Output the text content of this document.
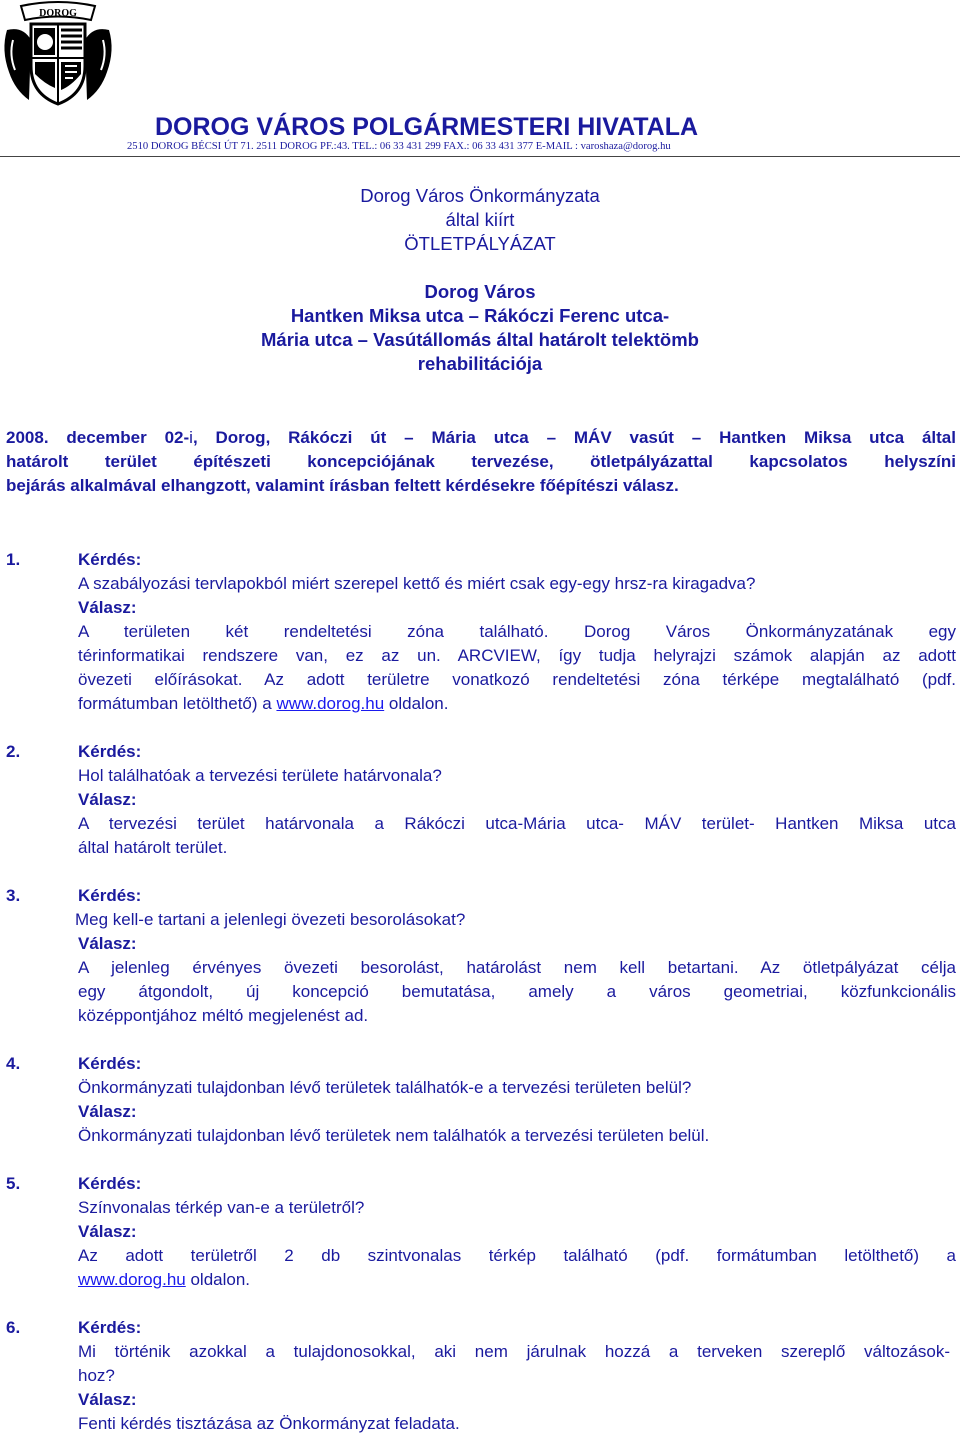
DOROG
DOROG VÁROS POLGÁRMESTERI HIVATALA
2510 DOROG BÉCSI ÚT 71. 2511 DOROG PF.:43. TEL.: 06 33 431 299 FAX.: 06 33 431 377 E-MAIL : varoshaza@dorog.hu
Dorog Város Önkormányzata
által kiírt
ÖTLETPÁLYÁZAT
Dorog Város
Hantken Miksa utca – Rákóczi Ferenc utca-
Mária utca – Vasútállomás által határolt telektömb
rehabilitációja
2008. december 02-i, Dorog, Rákóczi út – Mária utca – MÁV vasút – Hantken Miksa utca által
határolt terület építészeti koncepciójának tervezése, ötletpályázattal kapcsolatos helyszíni
bejárás alkalmával elhangzott, valamint írásban feltett kérdésekre főépítészi válasz.
1.	Kérdés:
A szabályozási tervlapokból miért szerepel kettő és miért csak egy-egy hrsz-ra kiragadva?
Válasz:
A területen két rendeltetési zóna található. Dorog Város Önkormányzatának egy
térinformatikai rendszere van, ez az un. ARCVIEW, így tudja helyrajzi számok alapján az adott
övezeti előírásokat. Az adott területre vonatkozó rendeltetési zóna térképe megtalálható (pdf.
formátumban letölthető) a www.dorog.hu oldalon.
2.	Kérdés:
Hol találhatóak a tervezési területe határvonala?
Válasz:
A tervezési terület határvonala a Rákóczi utca-Mária utca- MÁV terület- Hantken Miksa utca
által határolt terület.
3.	Kérdés:
Meg kell-e tartani a jelenlegi övezeti besorolásokat?
Válasz:
A jelenleg érvényes övezeti besorolást, határolást nem kell betartani. Az ötletpályázat célja
egy átgondolt, új koncepció bemutatása, amely a város geometriai, közfunkcionális
középpontjához méltó megjelenést ad.
4.	Kérdés:
Önkormányzati tulajdonban lévő területek találhatók-e a tervezési területen belül?
Válasz:
Önkormányzati tulajdonban lévő területek nem találhatók a tervezési területen belül.
5.	Kérdés:
Színvonalas térkép van-e a területről?
Válasz:
Az adott területről 2 db szintvonalas térkép található (pdf. formátumban letölthető) a
www.dorog.hu oldalon.
6.	Kérdés:
Mi történik azokkal a tulajdonosokkal, aki nem járulnak hozzá a terveken szereplő változások-
hoz?
Válasz:
Fenti kérdés tisztázása az Önkormányzat feladata.
